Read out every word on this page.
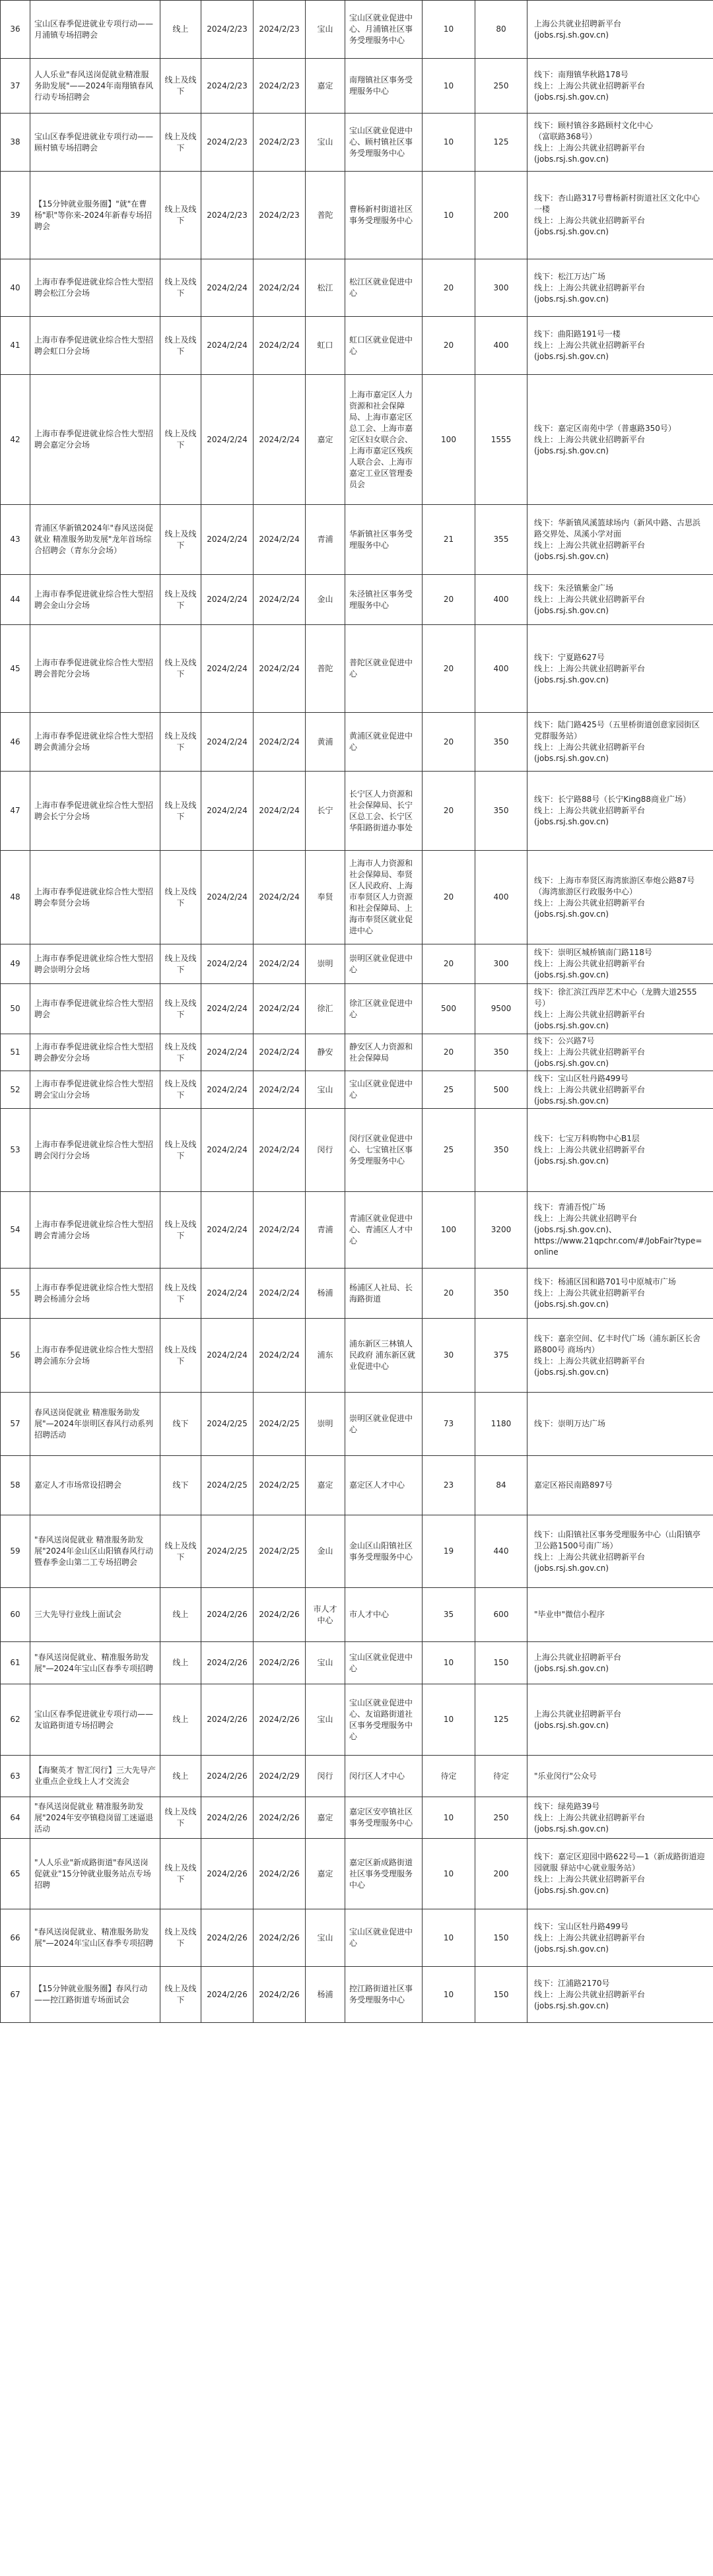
36	宝山区春季促进就业专项行动——月浦镇专场招聘会	线上	2024/2/23	2024/2/23	宝山	宝山区就业促进中心、月浦镇社区事务受理服务中心	10	80	上海公共就业招聘新平台
(jobs.rsj.sh.gov.cn)

37	人人乐业"春风送岗促就业精准服务助发展"——2024年南翔镇春风行动专场招聘会	线上及线下	2024/2/23	2024/2/23	嘉定	南翔镇社区事务受理服务中心	10	250	线下：南翔镇华秋路178号
线上：上海公共就业招聘新平台
(jobs.rsj.sh.gov.cn)

38	宝山区春季促进就业专项行动——顾村镇专场招聘会	线上及线下	2024/2/23	2024/2/23	宝山	宝山区就业促进中心、顾村镇社区事务受理服务中心	10	125	线下：顾村镇谷多路顾村文化中心
（富联路368号）
线上：上海公共就业招聘新平台
(jobs.rsj.sh.gov.cn)

39	【15分钟就业服务圈】"就"在曹杨"职"等你来-2024年新春专场招聘会	线上及线下	2024/2/23	2024/2/23	普陀	曹杨新村街道社区事务受理服务中心	10	200	线下：杏山路317号曹杨新村街道社区文化中心一楼
线上：上海公共就业招聘新平台
(jobs.rsj.sh.gov.cn)

40	上海市春季促进就业综合性大型招聘会松江分会场	线上及线下	2024/2/24	2024/2/24	松江	松江区就业促进中心	20	300	线下：松江万达广场
线上：上海公共就业招聘新平台
(jobs.rsj.sh.gov.cn)

41	上海市春季促进就业综合性大型招聘会虹口分会场	线上及线下	2024/2/24	2024/2/24	虹口	虹口区就业促进中心	20	400	线下：曲阳路191号一楼
线上：上海公共就业招聘新平台
(jobs.rsj.sh.gov.cn)

42	上海市春季促进就业综合性大型招聘会嘉定分会场	线上及线下	2024/2/24	2024/2/24	嘉定	上海市嘉定区人力资源和社会保障局、上海市嘉定区总工会、上海市嘉定区妇女联合会、上海市嘉定区残疾人联合会、上海市嘉定工业区管理委员会	100	1555	线下：嘉定区南苑中学（普惠路350号）
线上：上海公共就业招聘新平台
(jobs.rsj.sh.gov.cn)

43	青浦区华新镇2024年"春风送岗促就业 精准服务助发展"龙年首场综合招聘会（青东分会场）	线上及线下	2024/2/24	2024/2/24	青浦	华新镇社区事务受理服务中心	21	355	线下：华新镇风溪篮球场内（新风中路、古思浜路交界处、凤溪小学对面
线上：上海公共就业招聘新平台
(jobs.rsj.sh.gov.cn)

44	上海市春季促进就业综合性大型招聘会金山分会场	线上及线下	2024/2/24	2024/2/24	金山	朱泾镇社区事务受理服务中心	20	400	线下：朱泾镇紫金广场
线上：上海公共就业招聘新平台
(jobs.rsj.sh.gov.cn)

45	上海市春季促进就业综合性大型招聘会普陀分会场	线上及线下	2024/2/24	2024/2/24	普陀	普陀区就业促进中心	20	400	线下：宁夏路627号
线上：上海公共就业招聘新平台
(jobs.rsj.sh.gov.cn)

46	上海市春季促进就业综合性大型招聘会黄浦分会场	线上及线下	2024/2/24	2024/2/24	黄浦	黄浦区就业促进中心	20	350	线下：陆门路425号（五里桥街道创意家园街区党群服务站）
线上：上海公共就业招聘新平台
(jobs.rsj.sh.gov.cn)

47	上海市春季促进就业综合性大型招聘会长宁分会场	线上及线下	2024/2/24	2024/2/24	长宁	长宁区人力资源和社会保障局、长宁区总工会、长宁区华阳路街道办事处	20	350	线下：长宁路88号（长宁King88商业广场）
线上：上海公共就业招聘新平台
(jobs.rsj.sh.gov.cn)

48	上海市春季促进就业综合性大型招聘会奉贤分会场	线上及线下	2024/2/24	2024/2/24	奉贤	上海市人力资源和社会保障局、奉贤区人民政府、上海市奉贤区人力资源和社会保障局、上海市奉贤区就业促进中心	20	400	线下：上海市奉贤区海湾旅游区奉炮公路87号（海湾旅游区行政服务中心）
线上：上海公共就业招聘新平台
(jobs.rsj.sh.gov.cn)

49	上海市春季促进就业综合性大型招聘会崇明分会场	线上及线下	2024/2/24	2024/2/24	崇明	崇明区就业促进中心	20	300	线下：崇明区城桥镇南门路118号
线上：上海公共就业招聘新平台
(jobs.rsj.sh.gov.cn)

50	上海市春季促进就业综合性大型招聘会	线上及线下	2024/2/24	2024/2/24	徐汇	徐汇区就业促进中心	500	9500	线下：徐汇滨江西岸艺术中心（龙腾大道2555号）
线上：上海公共就业招聘新平台
(jobs.rsj.sh.gov.cn)

51	上海市春季促进就业综合性大型招聘会静安分会场	线上及线下	2024/2/24	2024/2/24	静安	静安区人力资源和社会保障局	20	350	线下：公兴路7号
线上：上海公共就业招聘新平台
(jobs.rsj.sh.gov.cn)

52	上海市春季促进就业综合性大型招聘会宝山分会场	线上及线下	2024/2/24	2024/2/24	宝山	宝山区就业促进中心	25	500	线下：宝山区牡丹路499号
线上：上海公共就业招聘新平台
(jobs.rsj.sh.gov.cn)

53	上海市春季促进就业综合性大型招聘会闵行分会场	线上及线下	2024/2/24	2024/2/24	闵行	闵行区就业促进中心、七宝镇社区事务受理服务中心	25	350	线下：七宝万科购物中心B1层
线上：上海公共就业招聘新平台
(jobs.rsj.sh.gov.cn)

54	上海市春季促进就业综合性大型招聘会青浦分会场	线上及线下	2024/2/24	2024/2/24	青浦	青浦区就业促进中心、青浦区人才中心	100	3200	线下：青浦吾悦广场
线上：上海公共就业招聘平台
(jobs.rsj.sh.gov.cn)、
https://www.21qpchr.com/#/JobFair?type=online

55	上海市春季促进就业综合性大型招聘会杨浦分会场	线上及线下	2024/2/24	2024/2/24	杨浦	杨浦区人社局、长海路街道	20	350	线下：杨浦区国和路701号中原城市广场
线上：上海公共就业招聘新平台
(jobs.rsj.sh.gov.cn)

56	上海市春季促进就业综合性大型招聘会浦东分会场	线上及线下	2024/2/24	2024/2/24	浦东	浦东新区三林镇人民政府 浦东新区就业促进中心	30	375	线下：嘉亲空间、亿丰时代广场（浦东新区长舍路800号 商场内）
线上：上海公共就业招聘新平台
(jobs.rsj.sh.gov.cn)

57	春风送岗促就业 精准服务助发展"—2024年崇明区春风行动系列招聘活动	线下	2024/2/25	2024/2/25	崇明	崇明区就业促进中心	73	1180	线下：崇明万达广场

58	嘉定人才市场常设招聘会	线下	2024/2/25	2024/2/25	嘉定	嘉定区人才中心	23	84	嘉定区裕民南路897号

59	"春风送岗促就业 精准服务助发展"2024年金山区山阳镇春风行动暨春季金山第二工专场招聘会	线上及线下	2024/2/25	2024/2/25	金山	金山区山阳镇社区事务受理服务中心	19	440	线下：山阳镇社区事务受理服务中心（山阳镇亭卫公路1500号南广场）
线上：上海公共就业招聘新平台
(jobs.rsj.sh.gov.cn)

60	三大先导行业线上面试会	线上	2024/2/26	2024/2/26	市人才中心	市人才中心	35	600	"毕业申"微信小程序

61	"春风送岗促就业、精准服务助发展"—2024年宝山区春季专项招聘	线上	2024/2/26	2024/2/26	宝山	宝山区就业促进中心	10	150	上海公共就业招聘新平台
(jobs.rsj.sh.gov.cn)

62	宝山区春季促进就业专项行动——友谊路街道专场招聘会	线上	2024/2/26	2024/2/26	宝山	宝山区就业促进中心、友谊路街道社区事务受理服务中心	10	125	上海公共就业招聘新平台
(jobs.rsj.sh.gov.cn)

63	【海聚英才 智汇闵行】三大先导产业重点企业线上人才交流会	线上	2024/2/26	2024/2/29	闵行	闵行区人才中心	待定	待定	"乐业闵行"公众号

64	"春风送岗促就业 精准服务助发展"2024年安亭镇稳岗留工迷逼退活动	线上及线下	2024/2/26	2024/2/26	嘉定	嘉定区安亭镇社区事务受理服务中心	10	250	线下：绿苑路39号
线上：上海公共就业招聘新平台
(jobs.rsj.sh.gov.cn)

65	"人人乐业"新成路街道"春风送岗促就业"15分钟就业服务站点专场招聘	线上及线下	2024/2/26	2024/2/26	嘉定	嘉定区新成路街道社区事务受理服务中心	10	200	线下：嘉定区迎园中路622号—1（新成路街道迎园就服 驿站中心就业服务站）
线上：上海公共就业招聘新平台
(jobs.rsj.sh.gov.cn)

66	"春风送岗促就业、精准服务助发展"—2024年宝山区春季专项招聘	线上及线下	2024/2/26	2024/2/26	宝山	宝山区就业促进中心	10	150	线下：宝山区牡丹路499号
线上：上海公共就业招聘新平台
(jobs.rsj.sh.gov.cn)

67	【15分钟就业服务圈】春风行动——控江路街道专场面试会	线上及线下	2024/2/26	2024/2/26	杨浦	控江路街道社区事务受理服务中心	10	150	线下：江浦路2170号
线上：上海公共就业招聘新平台
(jobs.rsj.sh.gov.cn)
